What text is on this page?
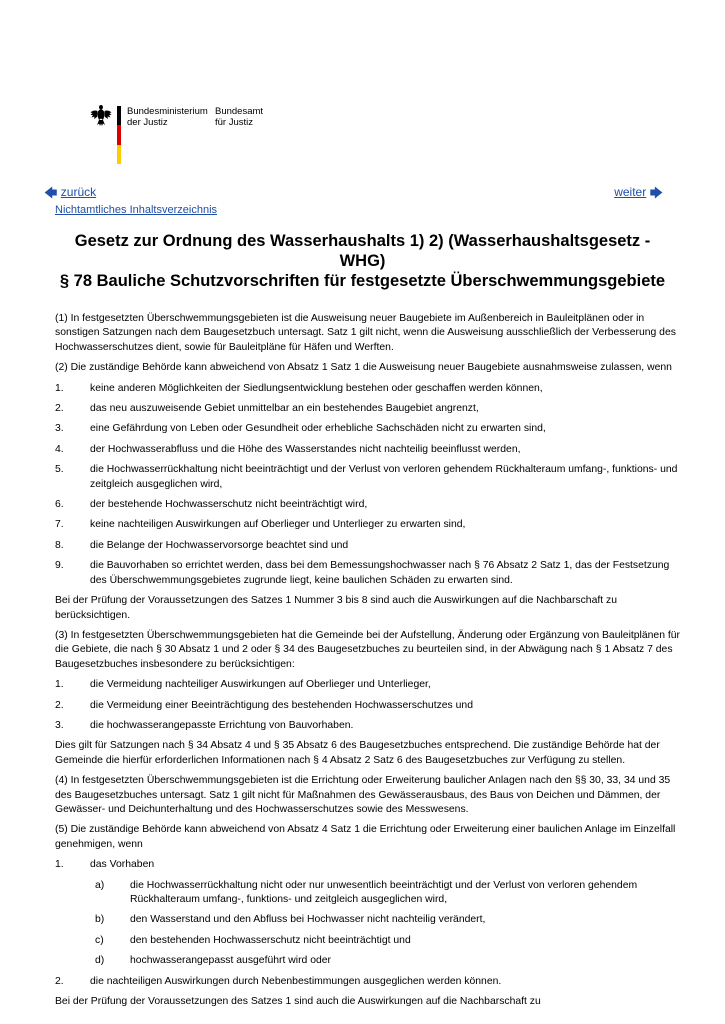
Bundesministerium
der Justiz
Bundesamt
für Justiz
🡄 zurück	weiter 🡆
Nichtamtliches Inhaltsverzeichnis
Gesetz zur Ordnung des Wasserhaushalts 1) 2) (Wasserhaushaltsgesetz - WHG)
§ 78 Bauliche Schutzvorschriften für festgesetzte Überschwemmungsgebiete

(1) In festgesetzten Überschwemmungsgebieten ist die Ausweisung neuer Baugebiete im Außenbereich in Bauleitplänen oder in sonstigen Satzungen nach dem Baugesetzbuch untersagt. Satz 1 gilt nicht, wenn die Ausweisung ausschließlich der Verbesserung des Hochwasserschutzes dient, sowie für Bauleitpläne für Häfen und Werften.

(2) Die zuständige Behörde kann abweichend von Absatz 1 Satz 1 die Ausweisung neuer Baugebiete ausnahmsweise zulassen, wenn

1.	keine anderen Möglichkeiten der Siedlungsentwicklung bestehen oder geschaffen werden können,
2.	das neu auszuweisende Gebiet unmittelbar an ein bestehendes Baugebiet angrenzt,
3.	eine Gefährdung von Leben oder Gesundheit oder erhebliche Sachschäden nicht zu erwarten sind,
4.	der Hochwasserabfluss und die Höhe des Wasserstandes nicht nachteilig beeinflusst werden,
5.	die Hochwasserrückhaltung nicht beeinträchtigt und der Verlust von verloren gehendem Rückhalteraum umfang-, funktions- und zeitgleich ausgeglichen wird,
6.	der bestehende Hochwasserschutz nicht beeinträchtigt wird,
7.	keine nachteiligen Auswirkungen auf Oberlieger und Unterlieger zu erwarten sind,
8.	die Belange der Hochwasservorsorge beachtet sind und
9.	die Bauvorhaben so errichtet werden, dass bei dem Bemessungshochwasser nach § 76 Absatz 2 Satz 1, das der Festsetzung des Überschwemmungsgebietes zugrunde liegt, keine baulichen Schäden zu erwarten sind.

Bei der Prüfung der Voraussetzungen des Satzes 1 Nummer 3 bis 8 sind auch die Auswirkungen auf die Nachbarschaft zu berücksichtigen.

(3) In festgesetzten Überschwemmungsgebieten hat die Gemeinde bei der Aufstellung, Änderung oder Ergänzung von Bauleitplänen für die Gebiete, die nach § 30 Absatz 1 und 2 oder § 34 des Baugesetzbuches zu beurteilen sind, in der Abwägung nach § 1 Absatz 7 des Baugesetzbuches insbesondere zu berücksichtigen:

1.	die Vermeidung nachteiliger Auswirkungen auf Oberlieger und Unterlieger,
2.	die Vermeidung einer Beeinträchtigung des bestehenden Hochwasserschutzes und
3.	die hochwasserangepasste Errichtung von Bauvorhaben.

Dies gilt für Satzungen nach § 34 Absatz 4 und § 35 Absatz 6 des Baugesetzbuches entsprechend. Die zuständige Behörde hat der Gemeinde die hierfür erforderlichen Informationen nach § 4 Absatz 2 Satz 6 des Baugesetzbuches zur Verfügung zu stellen.

(4) In festgesetzten Überschwemmungsgebieten ist die Errichtung oder Erweiterung baulicher Anlagen nach den §§ 30, 33, 34 und 35 des Baugesetzbuches untersagt. Satz 1 gilt nicht für Maßnahmen des Gewässerausbaus, des Baus von Deichen und Dämmen, der Gewässer- und Deichunterhaltung und des Hochwasserschutzes sowie des Messwesens.

(5) Die zuständige Behörde kann abweichend von Absatz 4 Satz 1 die Errichtung oder Erweiterung einer baulichen Anlage im Einzelfall genehmigen, wenn

1.	das Vorhaben
a) die Hochwasserrückhaltung nicht oder nur unwesentlich beeinträchtigt und der Verlust von verloren gehendem Rückhalteraum umfang-, funktions- und zeitgleich ausgeglichen wird,
b) den Wasserstand und den Abfluss bei Hochwasser nicht nachteilig verändert,
c)	den bestehenden Hochwasserschutz nicht beeinträchtigt und
d) hochwasserangepasst ausgeführt wird oder
2.	die nachteiligen Auswirkungen durch Nebenbestimmungen ausgeglichen werden können.

Bei der Prüfung der Voraussetzungen des Satzes 1 sind auch die Auswirkungen auf die Nachbarschaft zu
